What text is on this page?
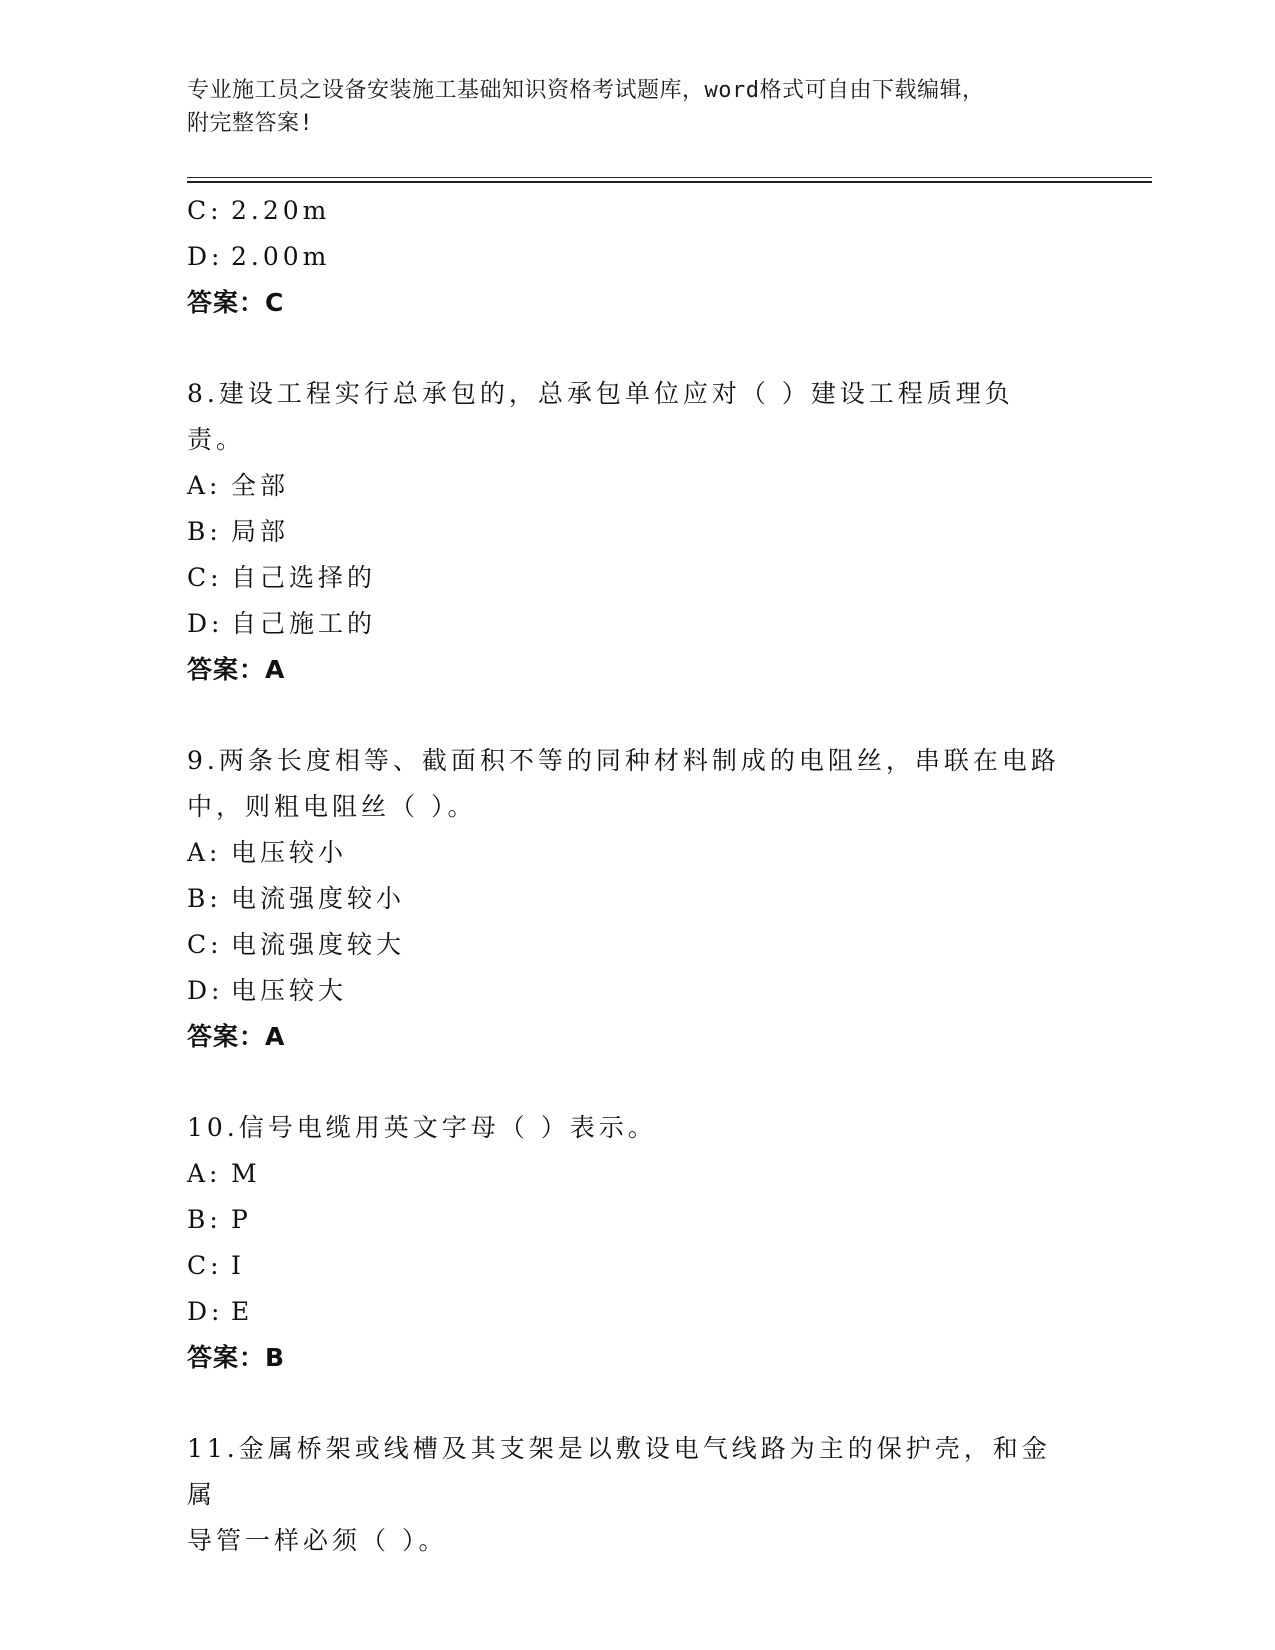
专业施工员之设备安装施工基础知识资格考试题库，word格式可自由下载编辑，
附完整答案!
C: 2.20m
D: 2.00m
答案：C
8.建设工程实行总承包的，总承包单位应对（ ）建设工程质理负责。
A: 全部
B: 局部
C: 自己选择的
D: 自己施工的
答案：A
9.两条长度相等、截面积不等的同种材料制成的电阻丝，串联在电路
中，则粗电阻丝（ ）。
A: 电压较小
B: 电流强度较小
C: 电流强度较大
D: 电压较大
答案：A
10.信号电缆用英文字母（ ）表示。
A: M
B: P
C: I
D: E
答案：B
11.金属桥架或线槽及其支架是以敷设电气线路为主的保护壳，和金属
导管一样必须（ ）。
